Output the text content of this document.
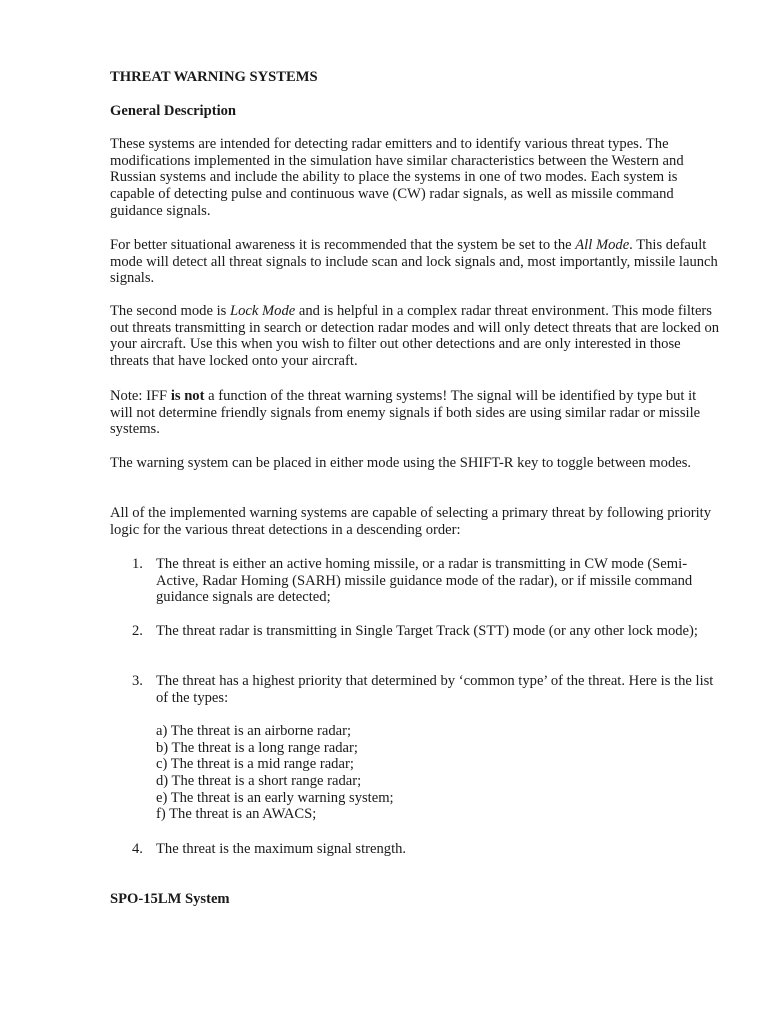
THREAT WARNING SYSTEMS

General Description

These systems are intended for detecting radar emitters and to identify various threat types. The modifications implemented in the simulation have similar characteristics between the Western and Russian systems and include the ability to place the systems in one of two modes. Each system is capable of detecting pulse and continuous wave (CW) radar signals, as well as missile command guidance signals.

For better situational awareness it is recommended that the system be set to the All Mode. This default mode will detect all threat signals to include scan and lock signals and, most importantly, missile launch signals.

The second mode is Lock Mode and is helpful in a complex radar threat environment. This mode filters out threats transmitting in search or detection radar modes and will only detect threats that are locked on your aircraft. Use this when you wish to filter out other detections and are only interested in those threats that have locked onto your aircraft.

Note: IFF is not a function of the threat warning systems! The signal will be identified by type but it will not determine friendly signals from enemy signals if both sides are using similar radar or missile systems.

The warning system can be placed in either mode using the SHIFT-R key to toggle between modes.

All of the implemented warning systems are capable of selecting a primary threat by following priority logic for the various threat detections in a descending order:

1. The threat is either an active homing missile, or a radar is transmitting in CW mode (Semi-Active, Radar Homing (SARH) missile guidance mode of the radar), or if missile command guidance signals are detected;
2. The threat radar is transmitting in Single Target Track (STT) mode (or any other lock mode);
3. The threat has a highest priority that determined by ‘common type’ of the threat. Here is the list of the types:
a) The threat is an airborne radar;
b) The threat is a long range radar;
c) The threat is a mid range radar;
d) The threat is a short range radar;
e) The threat is an early warning system;
f) The threat is an AWACS;
4. The threat is the maximum signal strength.

SPO-15LM System
